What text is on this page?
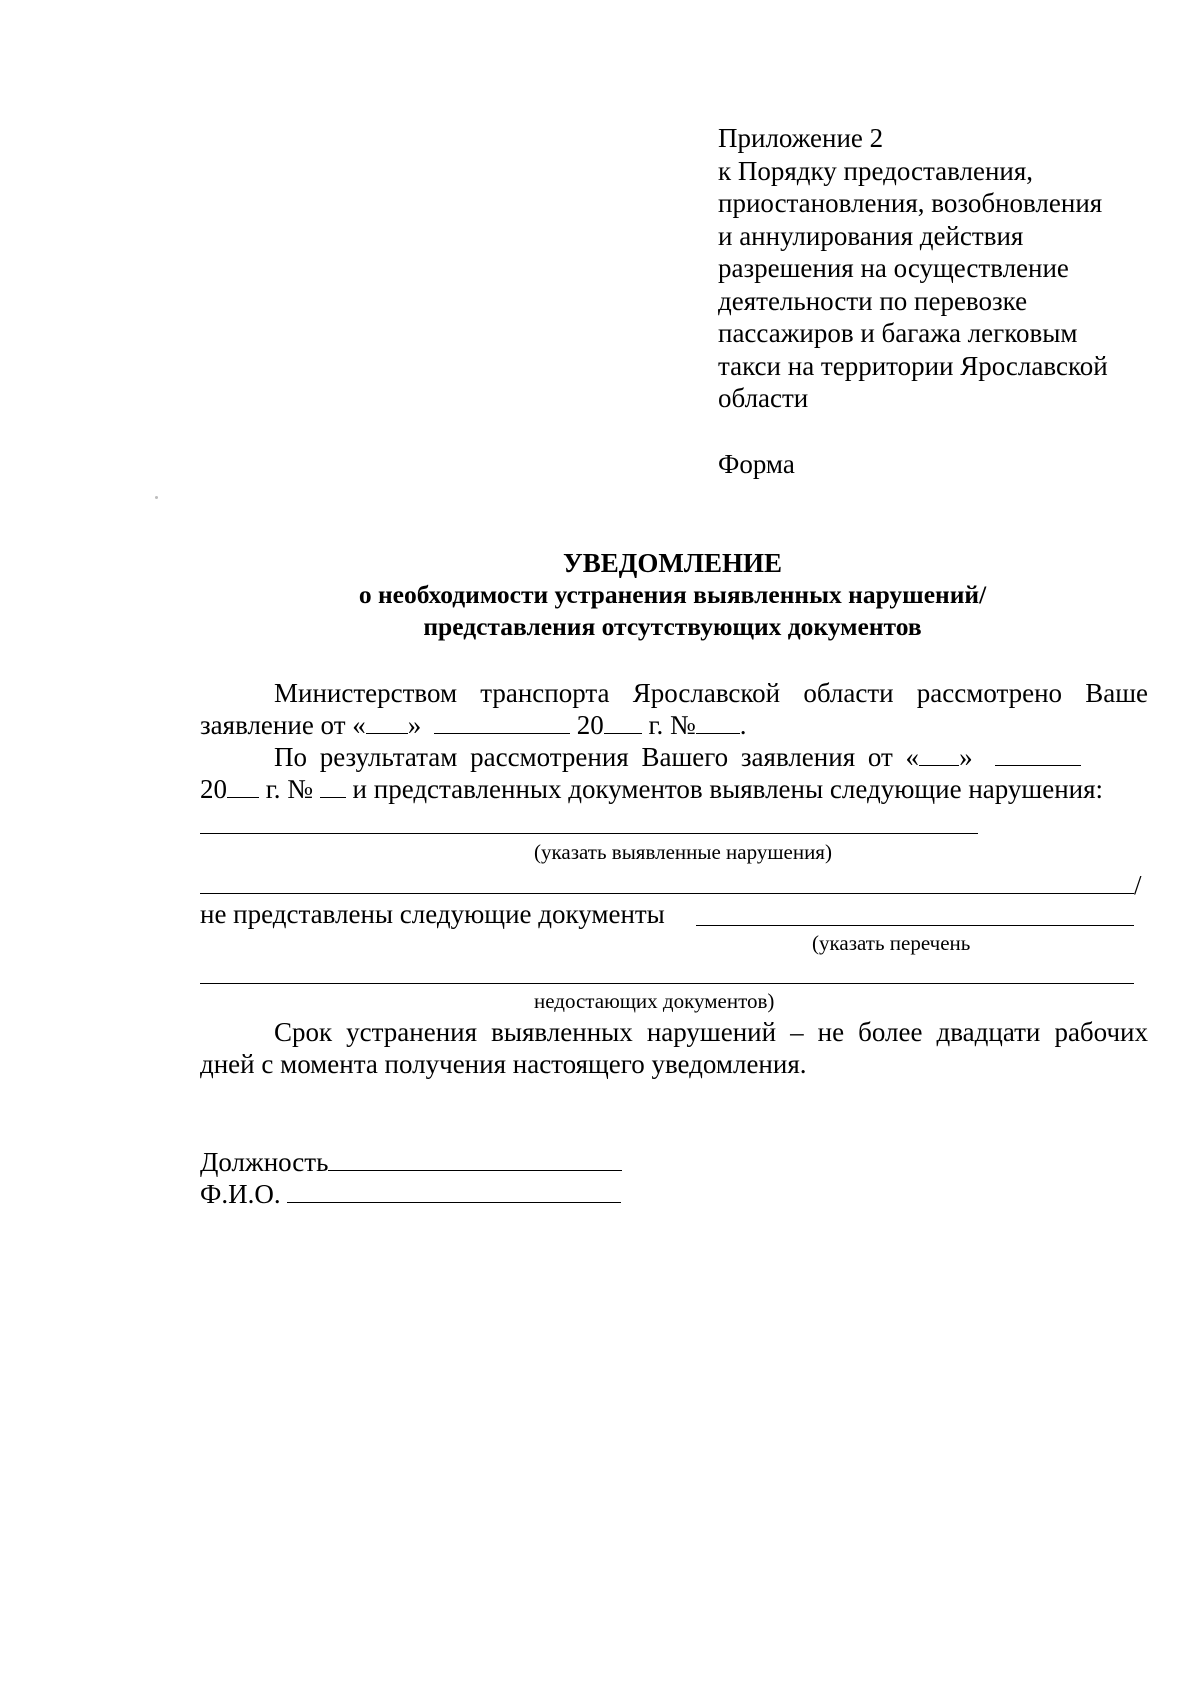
Приложение 2
к Порядку предоставления,
приостановления, возобновления
и аннулирования действия
разрешения на осуществление
деятельности по перевозке
пассажиров и багажа легковым
такси на территории Ярославской
области
Форма
УВЕДОМЛЕНИЕ
о необходимости устранения выявленных нарушений/
представления отсутствующих документов
Министерством транспорта Ярославской области рассмотрено Ваше
заявление от « »	20 г. № .
По результатам рассмотрения Вашего заявления от « »
20 г. № и представленных документов выявлены следующие нарушения:
(указать выявленные нарушения)
/
не представлены следующие документы
(указать перечень
недостающих документов)
Срок устранения выявленных нарушений – не более двадцати рабочих
дней с момента получения настоящего уведомления.
Должность
Ф.И.О.
